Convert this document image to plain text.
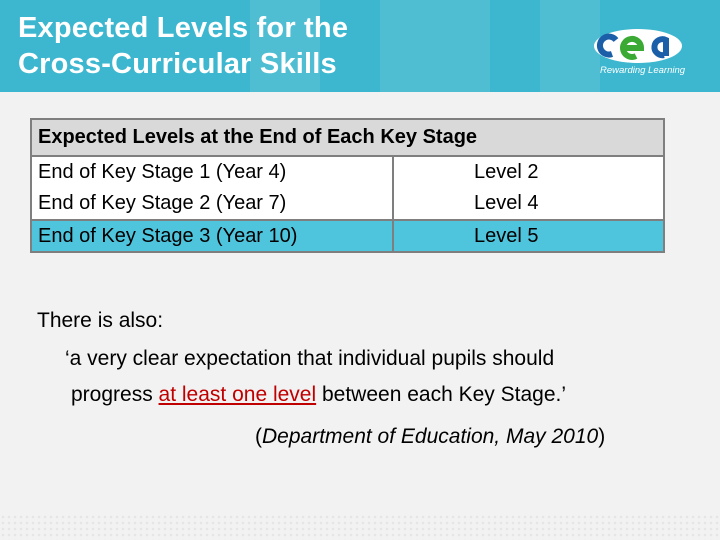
Expected Levels for the
Cross-Curricular Skills	Rewarding Learning
Expected Levels at the End of Each Key Stage	
End of Key Stage 1 (Year 4)	Level 2
End of Key Stage 2 (Year 7)	Level 4
End of Key Stage 3 (Year 10)	Level 5

There is also:

‘a very clear expectation that individual pupils should

progress at least one level between each Key Stage.’

(Department of Education, May 2010)
